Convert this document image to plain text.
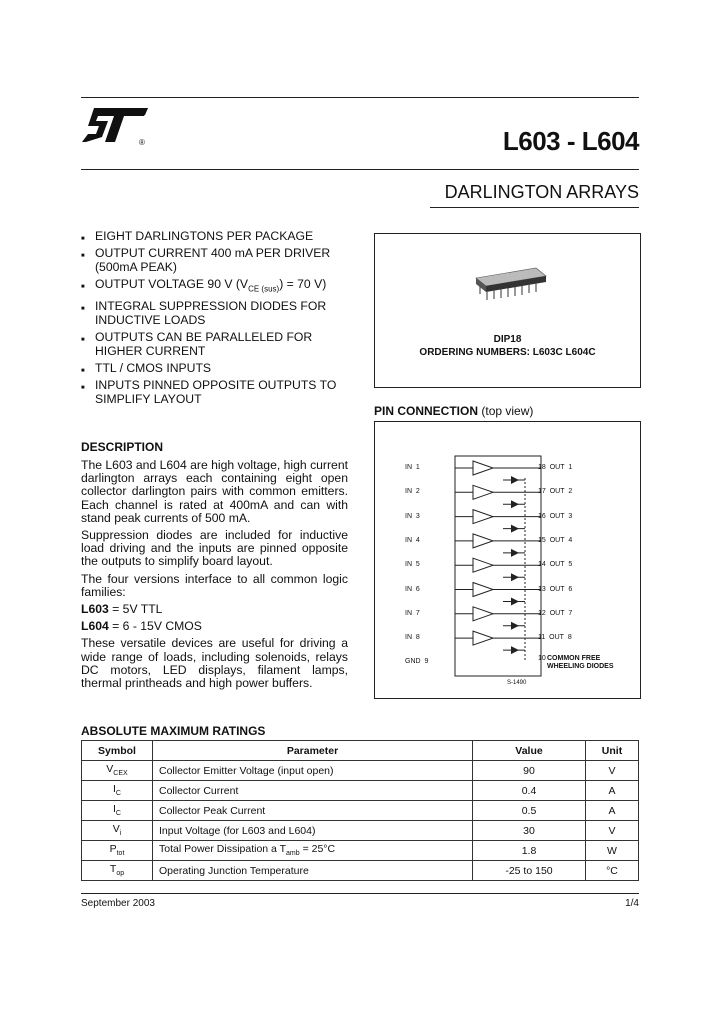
®	L603 - L604
DARLINGTON ARRAYS
■ EIGHT DARLINGTONS PER PACKAGE
■ OUTPUT CURRENT 400 mA PER DRIVER (500mA PEAK)
■ OUTPUT VOLTAGE 90 V $(V_{CE (sus)}) = 70$ V)
■ INTEGRAL SUPPRESSION DIODES FOR INDUCTIVE LOADS
■ OUTPUTS CAN BE PARALLELED FOR HIGHER CURRENT
■ TTL / CMOS INPUTS
■ INPUTS PINNED OPPOSITE OUTPUTS TO SIMPLIFY LAYOUT
DIP18
ORDERING NUMBERS: L603C L604C
PIN CONNECTION (top view)
IN 1
IN 2
IN 3
IN 4
IN 5
IN 6
IN 7
IN 8
GND 9
18 OUT 1
17 OUT 2
16 OUT 3
15 OUT 4
14 OUT 5
13 OUT 6
12 OUT 7
11 OUT 8
10 COMMON FREE WHEELING DIODES
S-1490
DESCRIPTION

The L603 and L604 are high voltage, high current darlington arrays each containing eight open collector darlington pairs with common emitters. Each channel is rated at 400mA and can with stand peak currents of 500 mA.

Suppression diodes are included for inductive load driving and the inputs are pinned opposite the outputs to simplify board layout.

The four versions interface to all common logic families:

L603 = 5V TTL

L604 = 6 - 15V CMOS

These versatile devices are useful for driving a wide range of loads, including solenoids, relays DC motors, LED displays, filament lamps, thermal printheads and high power buffers.

ABSOLUTE MAXIMUM RATINGS
Symbol	Parameter	Value	Unit
$V_{CEX}$	Collector Emitter Voltage (input open)	90	V
$I_C$	Collector Current	0.4	A
$I_C$	Collector Peak Current	0.5	A
$V_i$	Input Voltage (for L603 and L604)	30	V
$P_{tot}$	Total Power Dissipation a $T_{amb} = 25^\circ C$	1.8	W
$T_{op}$	Operating Junction Temperature	-25 to 150	°C
September 2003	1/4
